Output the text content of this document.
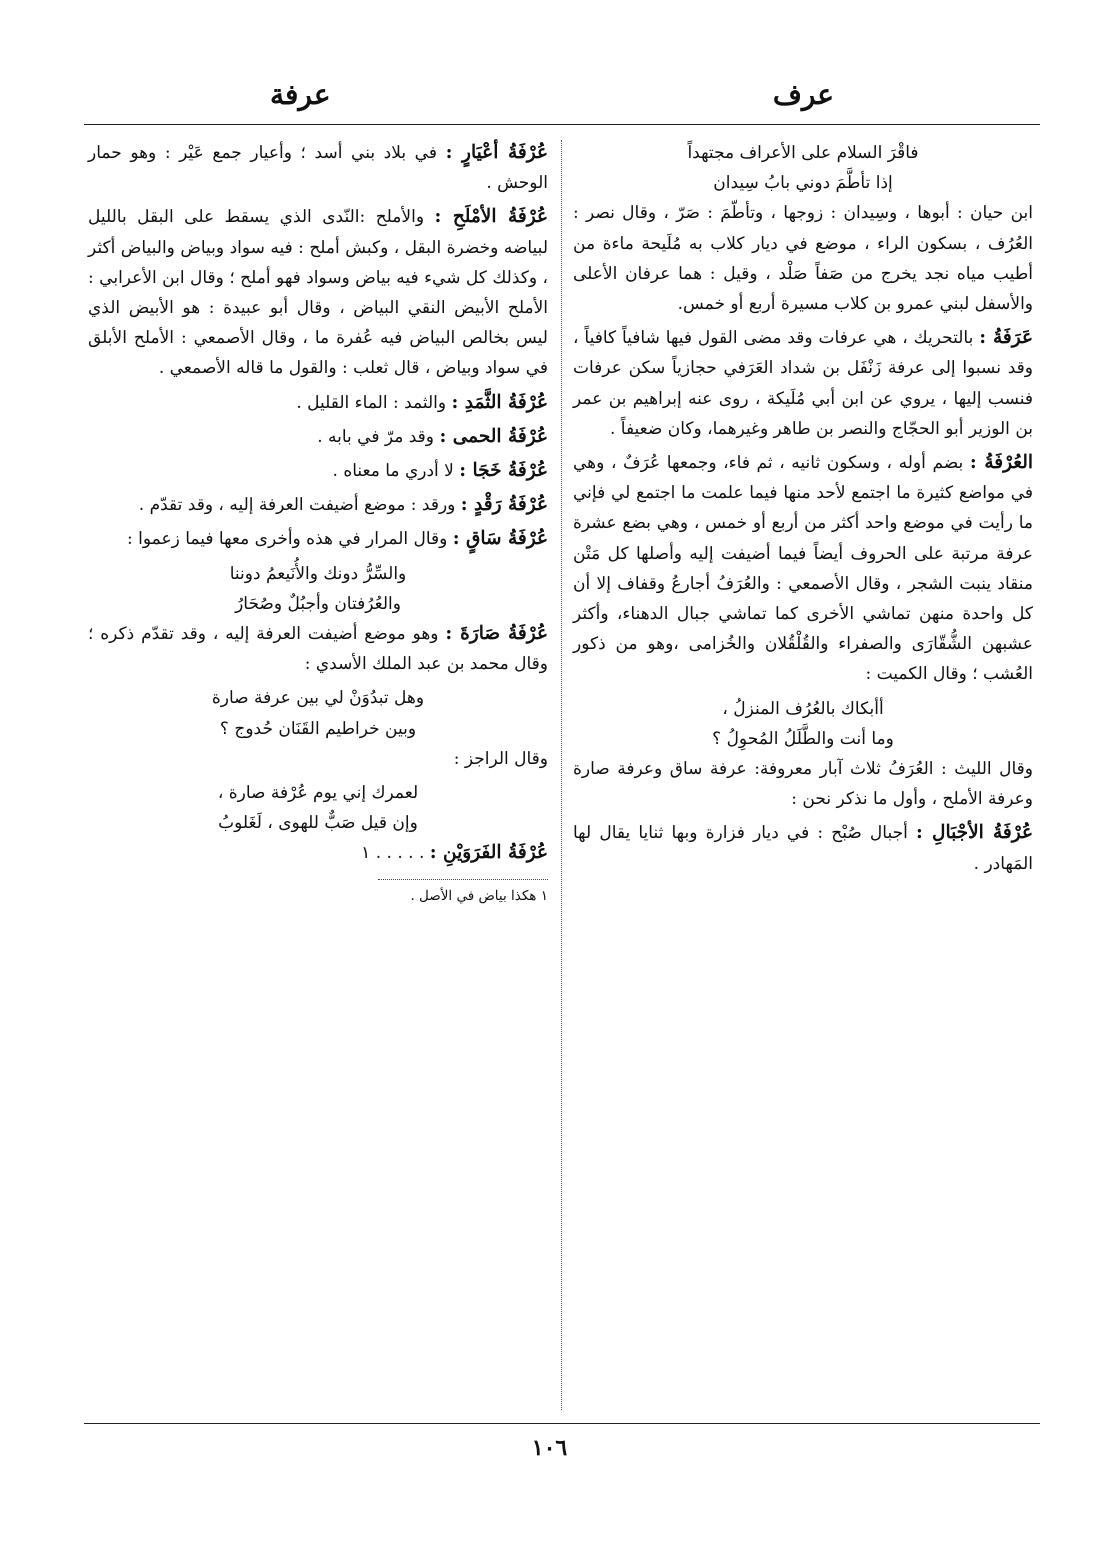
عرف
عرفة
فاقْرَ السلام على الأعراف مجتهداً
إذا تأطَّمَ دوني بابُ سِيدان

ابن حيان : أبوها ، وسِيدان : زوجها ، وتأطّمَ : صَرّ ، وقال نصر : العُرُف ، بسكون الراء ، موضع في ديار كلاب به مُلَيحة ماءة من أطيب مياه نجد يخرج من صَفاً صَلْد ، وقيل : هما عرفان الأعلى والأسفل لبني عمرو بن كلاب مسيرة أربع أو خمس.

عَرَفَةُ : بالتحريك ، هي عرفات وقد مضى القول فيها شافياً كافياً ، وقد نسبوا إلى عرفة زَنْفَل بن شداد العَرَفي حجازياً سكن عرفات فنسب إليها ، يروي عن ابن أبي مُلَيكة ، روى عنه إبراهيم بن عمر بن الوزير أبو الحجّاج والنصر بن طاهر وغيرهما، وكان ضعيفاً .

العُرْفَةُ : بضم أوله ، وسكون ثانيه ، ثم فاء، وجمعها عُرَفٌ ، وهي في مواضع كثيرة ما اجتمع لأحد منها فيما علمت ما اجتمع لي فإني ما رأيت في موضع واحد أكثر من أربع أو خمس ، وهي بضع عشرة عرفة مرتبة على الحروف أيضاً فيما أضيفت إليه وأصلها كل مَتْن منقاد ينبت الشجر ، وقال الأصمعي : والعُرَفُ أجارعُ وقفاف إلا أن كل واحدة منهن تماشي الأخرى كما تماشي جبال الدهناء، وأكثر عشبهن الشُّقّارَى والصفراء والقُلْقُلان والخُزامى ،وهو من ذكور العُشب ؛ وقال الكميت :

أأبكاك بالعُرُف المنزلُ ،
وما أنت والطَّلَلُ المُحوِلُ ؟

وقال الليث : العُرَفُ ثلاث آبار معروفة: عرفة ساق وعرفة صارة وعرفة الأملح ، وأول ما نذكر نحن :

عُرْفَةُ الأجْبَالِ : أجبال صُبْح : في ديار فزارة وبها ثنايا يقال لها المَهادر .

عُرْفَةُ أعْيَارٍ : في بلاد بني أسد ؛ وأعيار جمع عَيْر : وهو حمار الوحش .

عُرْفَةُ الأمْلَحِ : والأملح :النّدى الذي يسقط على البقل بالليل لبياضه وخضرة البقل ، وكبش أملح : فيه سواد وبياض والبياض أكثر ، وكذلك كل شيء فيه بياض وسواد فهو أملح ؛ وقال ابن الأعرابي : الأملح الأبيض النقي البياض ، وقال أبو عبيدة : هو الأبيض الذي ليس بخالص البياض فيه عُفرة ما ، وقال الأصمعي : الأملح الأبلق في سواد وبياض ، قال ثعلب : والقول ما قاله الأصمعي .

عُرْفَةُ الثَّمَدِ : والثمد : الماء القليل .

عُرْفَةُ الحمى : وقد مرّ في بابه .

عُرْفَةُ خَجَا : لا أدري ما معناه .

عُرْفَةُ رَقْدٍ : ورقد : موضع أضيفت العرفة إليه ، وقد تقدّم .

عُرْفَةُ سَاقٍ : وقال المرار في هذه وأخرى معها فيما زعموا :

والسِّرُّ دونك والأُنَيعمُ دوننا
والعُرُفتان وأجبُلٌ وصُحَارُ

عُرْفَةُ صَارَةَ : وهو موضع أضيفت العرفة إليه ، وقد تقدّم ذكره ؛ وقال محمد بن عبد الملك الأسدي :

وهل تبدُوَنْ لي بين عرفة صارة
وبين خراطيم القَنَان حُدوج ؟

وقال الراجز :

لعمرك إني يوم عُرْفة صارة ،
وإن قيل صَبٌّ للهوى ، لَغَلوبُ

عُرْفَةُ الفَرَوَيْنِ : . . . . . ١

١ هكذا بياض في الأصل .
١٠٦
